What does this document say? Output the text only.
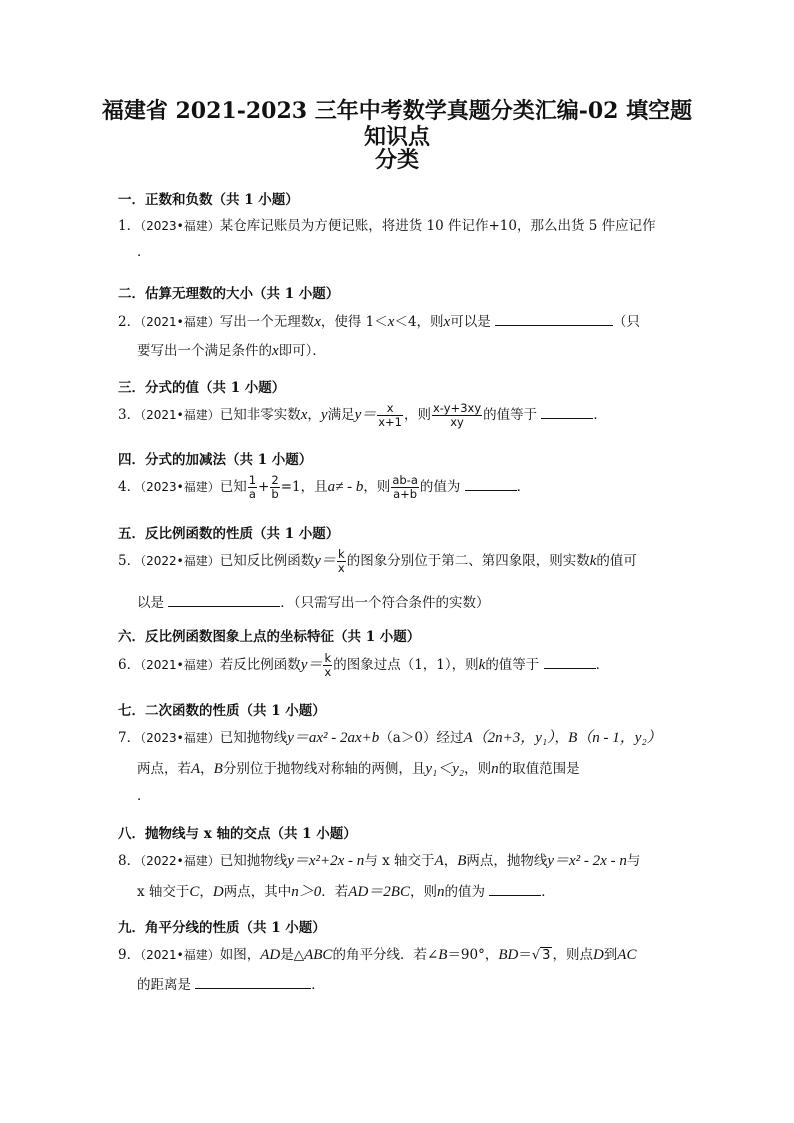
福建省 2021-2023 三年中考数学真题分类汇编-02 填空题知识点
分类
一．正数和负数（共 1 小题）
1．（2023•福建）某仓库记账员为方便记账，将进货 10 件记作+10，那么出货 5 件应记作
．
二．估算无理数的大小（共 1 小题）
2．（2021•福建）写出一个无理数x，使得 1＜x＜4，则x可以是	（只
要写出一个满足条件的x即可）．
三．分式的值（共 1 小题）
3．（2021•福建）已知非零实数x，y满足$y= \frac{x}{x+1}$ ，则 $\frac{x-y+3xy}{xy}$ 的值等于	．
四．分式的加减法（共 1 小题）
4．（2023•福建）已知 $\frac{1}{a} + \frac{2}{b} =1$，且a≠ - b，则 $\frac{ab-a}{a+b}$ 的值为	．
五．反比例函数的性质（共 1 小题）
5．（2022•福建）已知反比例函数$y= \frac{k}{x}$ 的图象分别位于第二、第四象限，则实数k的值可
以是	．（只需写出一个符合条件的实数）
六．反比例函数图象上点的坐标特征（共 1 小题）
6．（2021•福建）若反比例函数$y= \frac{k}{x}$ 的图象过点（1，1），则k的值等于	．
七．二次函数的性质（共 1 小题）
7．（2023•福建）已知抛物线y＝ax² - 2ax+b（a＞0）经过A（2n+3，y₁），B（n - 1，y₂）
两点，若A，B分别位于抛物线对称轴的两侧，且y₁＜y₂，则n的取值范围是
．
八．抛物线与 x 轴的交点（共 1 小题）
8．（2022•福建）已知抛物线y＝x²+2x - n与 x 轴交于A，B两点，抛物线y＝x² - 2x - n与
x 轴交于C，D两点，其中n＞0．若AD＝2BC，则n的值为	．
九．角平分线的性质（共 1 小题）
9．（2021•福建）如图，AD是△ABC的角平分线．若∠B＝90°，BD＝√ 3 ，则点D到AC
的距离是	．
